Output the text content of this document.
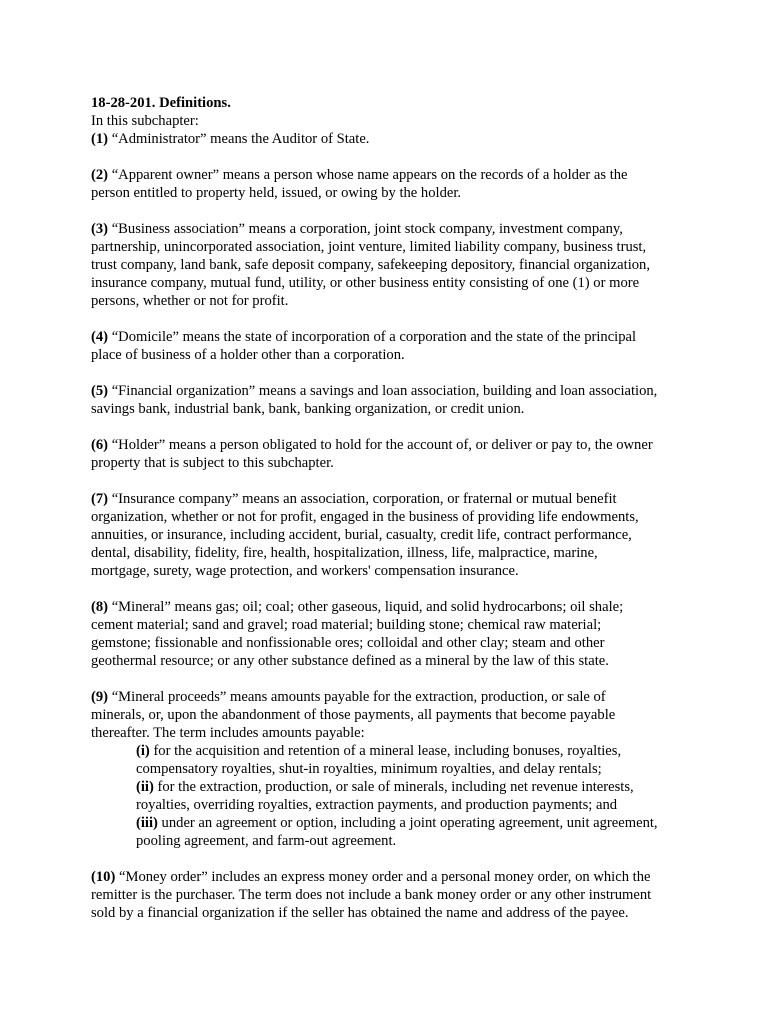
18-28-201. Definitions.
In this subchapter:
(1) “Administrator” means the Auditor of State.
(2) “Apparent owner” means a person whose name appears on the records of a holder as the
person entitled to property held, issued, or owing by the holder.
(3) “Business association” means a corporation, joint stock company, investment company,
partnership, unincorporated association, joint venture, limited liability company, business trust,
trust company, land bank, safe deposit company, safekeeping depository, financial organization,
insurance company, mutual fund, utility, or other business entity consisting of one (1) or more
persons, whether or not for profit.
(4) “Domicile” means the state of incorporation of a corporation and the state of the principal
place of business of a holder other than a corporation.
(5) “Financial organization” means a savings and loan association, building and loan association,
savings bank, industrial bank, bank, banking organization, or credit union.
(6) “Holder” means a person obligated to hold for the account of, or deliver or pay to, the owner
property that is subject to this subchapter.
(7) “Insurance company” means an association, corporation, or fraternal or mutual benefit
organization, whether or not for profit, engaged in the business of providing life endowments,
annuities, or insurance, including accident, burial, casualty, credit life, contract performance,
dental, disability, fidelity, fire, health, hospitalization, illness, life, malpractice, marine,
mortgage, surety, wage protection, and workers' compensation insurance.
(8) “Mineral” means gas; oil; coal; other gaseous, liquid, and solid hydrocarbons; oil shale;
cement material; sand and gravel; road material; building stone; chemical raw material;
gemstone; fissionable and nonfissionable ores; colloidal and other clay; steam and other
geothermal resource; or any other substance defined as a mineral by the law of this state.
(9) “Mineral proceeds” means amounts payable for the extraction, production, or sale of
minerals, or, upon the abandonment of those payments, all payments that become payable
thereafter. The term includes amounts payable:
(i) for the acquisition and retention of a mineral lease, including bonuses, royalties,
compensatory royalties, shut-in royalties, minimum royalties, and delay rentals;
(ii) for the extraction, production, or sale of minerals, including net revenue interests,
royalties, overriding royalties, extraction payments, and production payments; and
(iii) under an agreement or option, including a joint operating agreement, unit agreement,
pooling agreement, and farm-out agreement.
(10) “Money order” includes an express money order and a personal money order, on which the
remitter is the purchaser. The term does not include a bank money order or any other instrument
sold by a financial organization if the seller has obtained the name and address of the payee.
